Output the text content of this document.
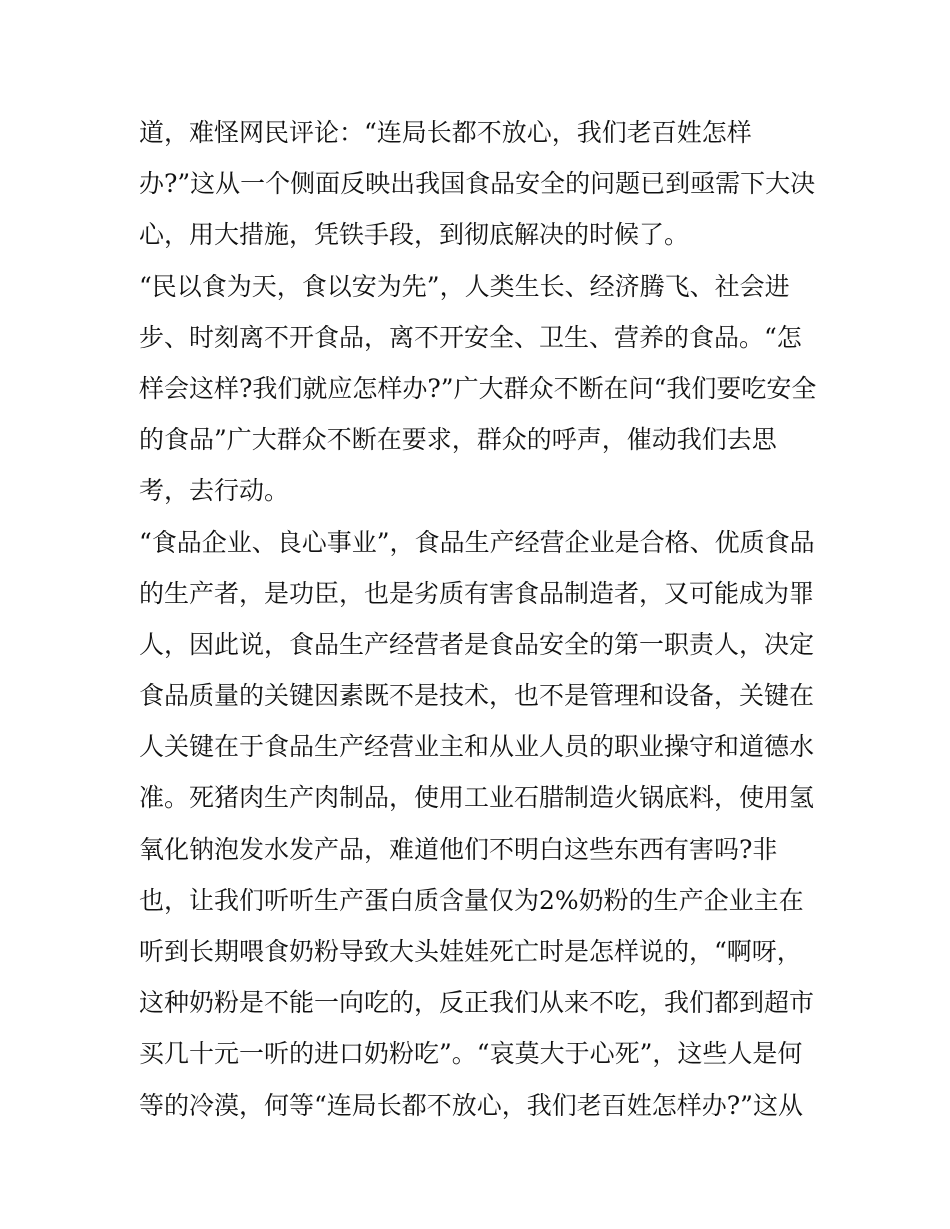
道，难怪网民评论：“连局长都不放心，我们老百姓怎样
办?”这从一个侧面反映出我国食品安全的问题已到亟需下大决
心，用大措施，凭铁手段，到彻底解决的时候了。
“民以食为天，食以安为先”，人类生长、经济腾飞、社会进
步、时刻离不开食品，离不开安全、卫生、营养的食品。“怎
样会这样?我们就应怎样办?”广大群众不断在问“我们要吃安全
的食品”广大群众不断在要求，群众的呼声，催动我们去思
考，去行动。
“食品企业、良心事业”，食品生产经营企业是合格、优质食品
的生产者，是功臣，也是劣质有害食品制造者，又可能成为罪
人，因此说，食品生产经营者是食品安全的第一职责人，决定
食品质量的关键因素既不是技术，也不是管理和设备，关键在
人关键在于食品生产经营业主和从业人员的职业操守和道德水
准。死猪肉生产肉制品，使用工业石腊制造火锅底料，使用氢
氧化钠泡发水发产品，难道他们不明白这些东西有害吗?非
也，让我们听听生产蛋白质含量仅为2%奶粉的生产企业主在
听到长期喂食奶粉导致大头娃娃死亡时是怎样说的，“啊呀，
这种奶粉是不能一向吃的，反正我们从来不吃，我们都到超市
买几十元一听的进口奶粉吃”。“哀莫大于心死”，这些人是何
等的冷漠，何等“连局长都不放心，我们老百姓怎样办?”这从
